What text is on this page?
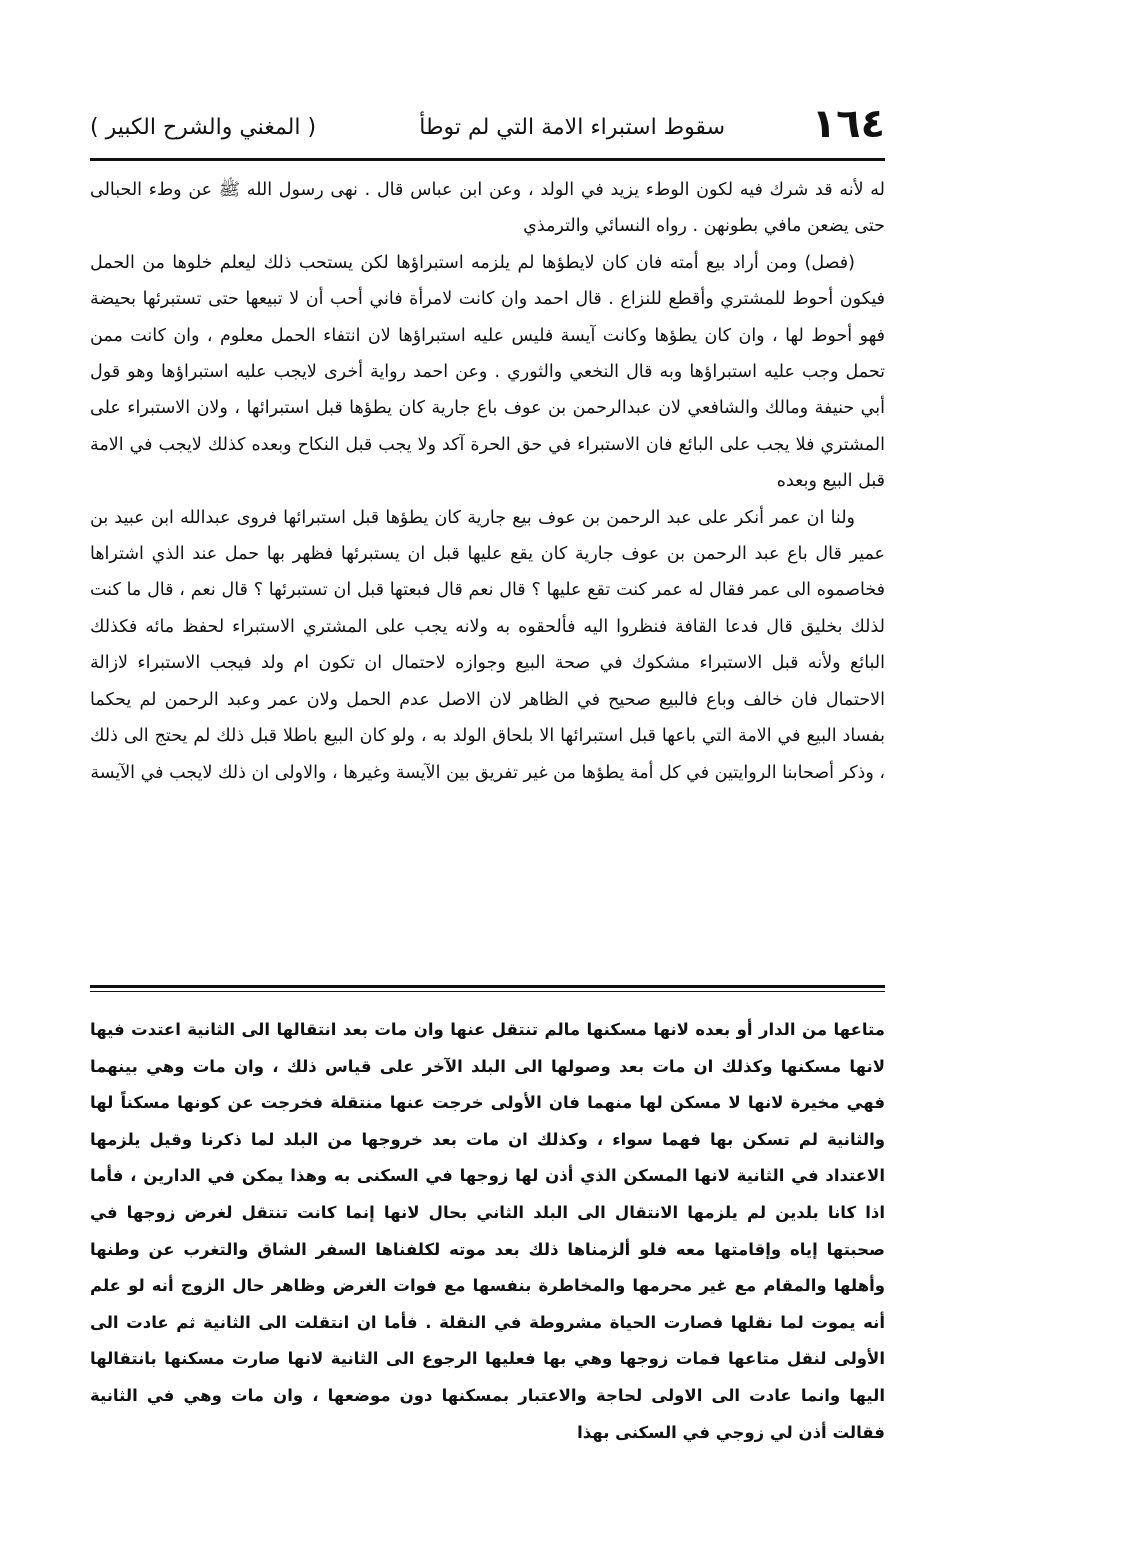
١٦٤
سقوط استبراء الامة التي لم توطأ
( المغني والشرح الكبير )

له لأنه قد شرك فيه لكون الوطء يزيد في الولد ، وعن ابن عباس قال . نهى رسول الله ﷺ عن وطء الحبالى حتى يضعن مافي بطونهن . رواه النسائي والترمذي

(فصل) ومن أراد بيع أمته فان كان لايطؤها لم يلزمه استبراؤها لكن يستحب ذلك ليعلم خلوها من الحمل فيكون أحوط للمشتري وأقطع للنزاع . قال احمد وان كانت لامرأة فاني أحب أن لا تبيعها حتى تستبرئها بحيضة فهو أحوط لها ، وان كان يطؤها وكانت آيسة فليس عليه استبراؤها لان انتفاء الحمل معلوم ، وان كانت ممن تحمل وجب عليه استبراؤها وبه قال النخعي والثوري . وعن احمد رواية أخرى لايجب عليه استبراؤها وهو قول أبي حنيفة ومالك والشافعي لان عبدالرحمن بن عوف باع جارية كان يطؤها قبل استبرائها ، ولان الاستبراء على المشتري فلا يجب على البائع فان الاستبراء في حق الحرة آكد ولا يجب قبل النكاح وبعده كذلك لايجب في الامة قبل البيع وبعده

ولنا ان عمر أنكر على عبد الرحمن بن عوف بيع جارية كان يطؤها قبل استبرائها فروى عبدالله ابن عبيد بن عمير قال باع عبد الرحمن بن عوف جارية كان يقع عليها قبل ان يستبرئها فظهر بها حمل عند الذي اشتراها فخاصموه الى عمر فقال له عمر كنت تقع عليها ؟ قال نعم قال فبعتها قبل ان تستبرئها ؟ قال نعم ، قال ما كنت لذلك بخليق قال فدعا القافة فنظروا اليه فألحقوه به ولانه يجب على المشتري الاستبراء لحفظ مائه فكذلك البائع ولأنه قبل الاستبراء مشكوك في صحة البيع وجوازه لاحتمال ان تكون ام ولد فيجب الاستبراء لازالة الاحتمال فان خالف وباع فالبيع صحيح في الظاهر لان الاصل عدم الحمل ولان عمر وعبد الرحمن لم يحكما بفساد البيع في الامة التي باعها قبل استبرائها الا بلحاق الولد به ، ولو كان البيع باطلا قبل ذلك لم يحتج الى ذلك ، وذكر أصحابنا الروايتين في كل أمة يطؤها من غير تفريق بين الآيسة وغيرها ، والاولى ان ذلك لايجب في الآيسة

متاعها من الدار أو بعده لانها مسكنها مالم تنتقل عنها وان مات بعد انتقالها الى الثانية اعتدت فيها لانها مسكنها وكذلك ان مات بعد وصولها الى البلد الآخر على قياس ذلك ، وان مات وهي بينهما فهي مخيرة لانها لا مسكن لها منهما فان الأولى خرجت عنها منتقلة فخرجت عن كونها مسكناً لها والثانية لم تسكن بها فهما سواء ، وكذلك ان مات بعد خروجها من البلد لما ذكرنا وقيل يلزمها الاعتداد في الثانية لانها المسكن الذي أذن لها زوجها في السكنى به وهذا يمكن في الدارين ، فأما اذا كانا بلدين لم يلزمها الانتقال الى البلد الثاني بحال لانها إنما كانت تنتقل لغرض زوجها في صحبتها إياه وإقامتها معه فلو ألزمناها ذلك بعد موته لكلفناها السفر الشاق والتغرب عن وطنها وأهلها والمقام مع غير محرمها والمخاطرة بنفسها مع فوات الغرض وظاهر حال الزوج أنه لو علم أنه يموت لما نقلها فصارت الحياة مشروطة في النقلة . فأما ان انتقلت الى الثانية ثم عادت الى الأولى لنقل متاعها فمات زوجها وهي بها فعليها الرجوع الى الثانية لانها صارت مسكنها بانتقالها اليها وانما عادت الى الاولى لحاجة والاعتبار بمسكنها دون موضعها ، وان مات وهي في الثانية فقالت أذن لي زوجي في السكنى بهذا
